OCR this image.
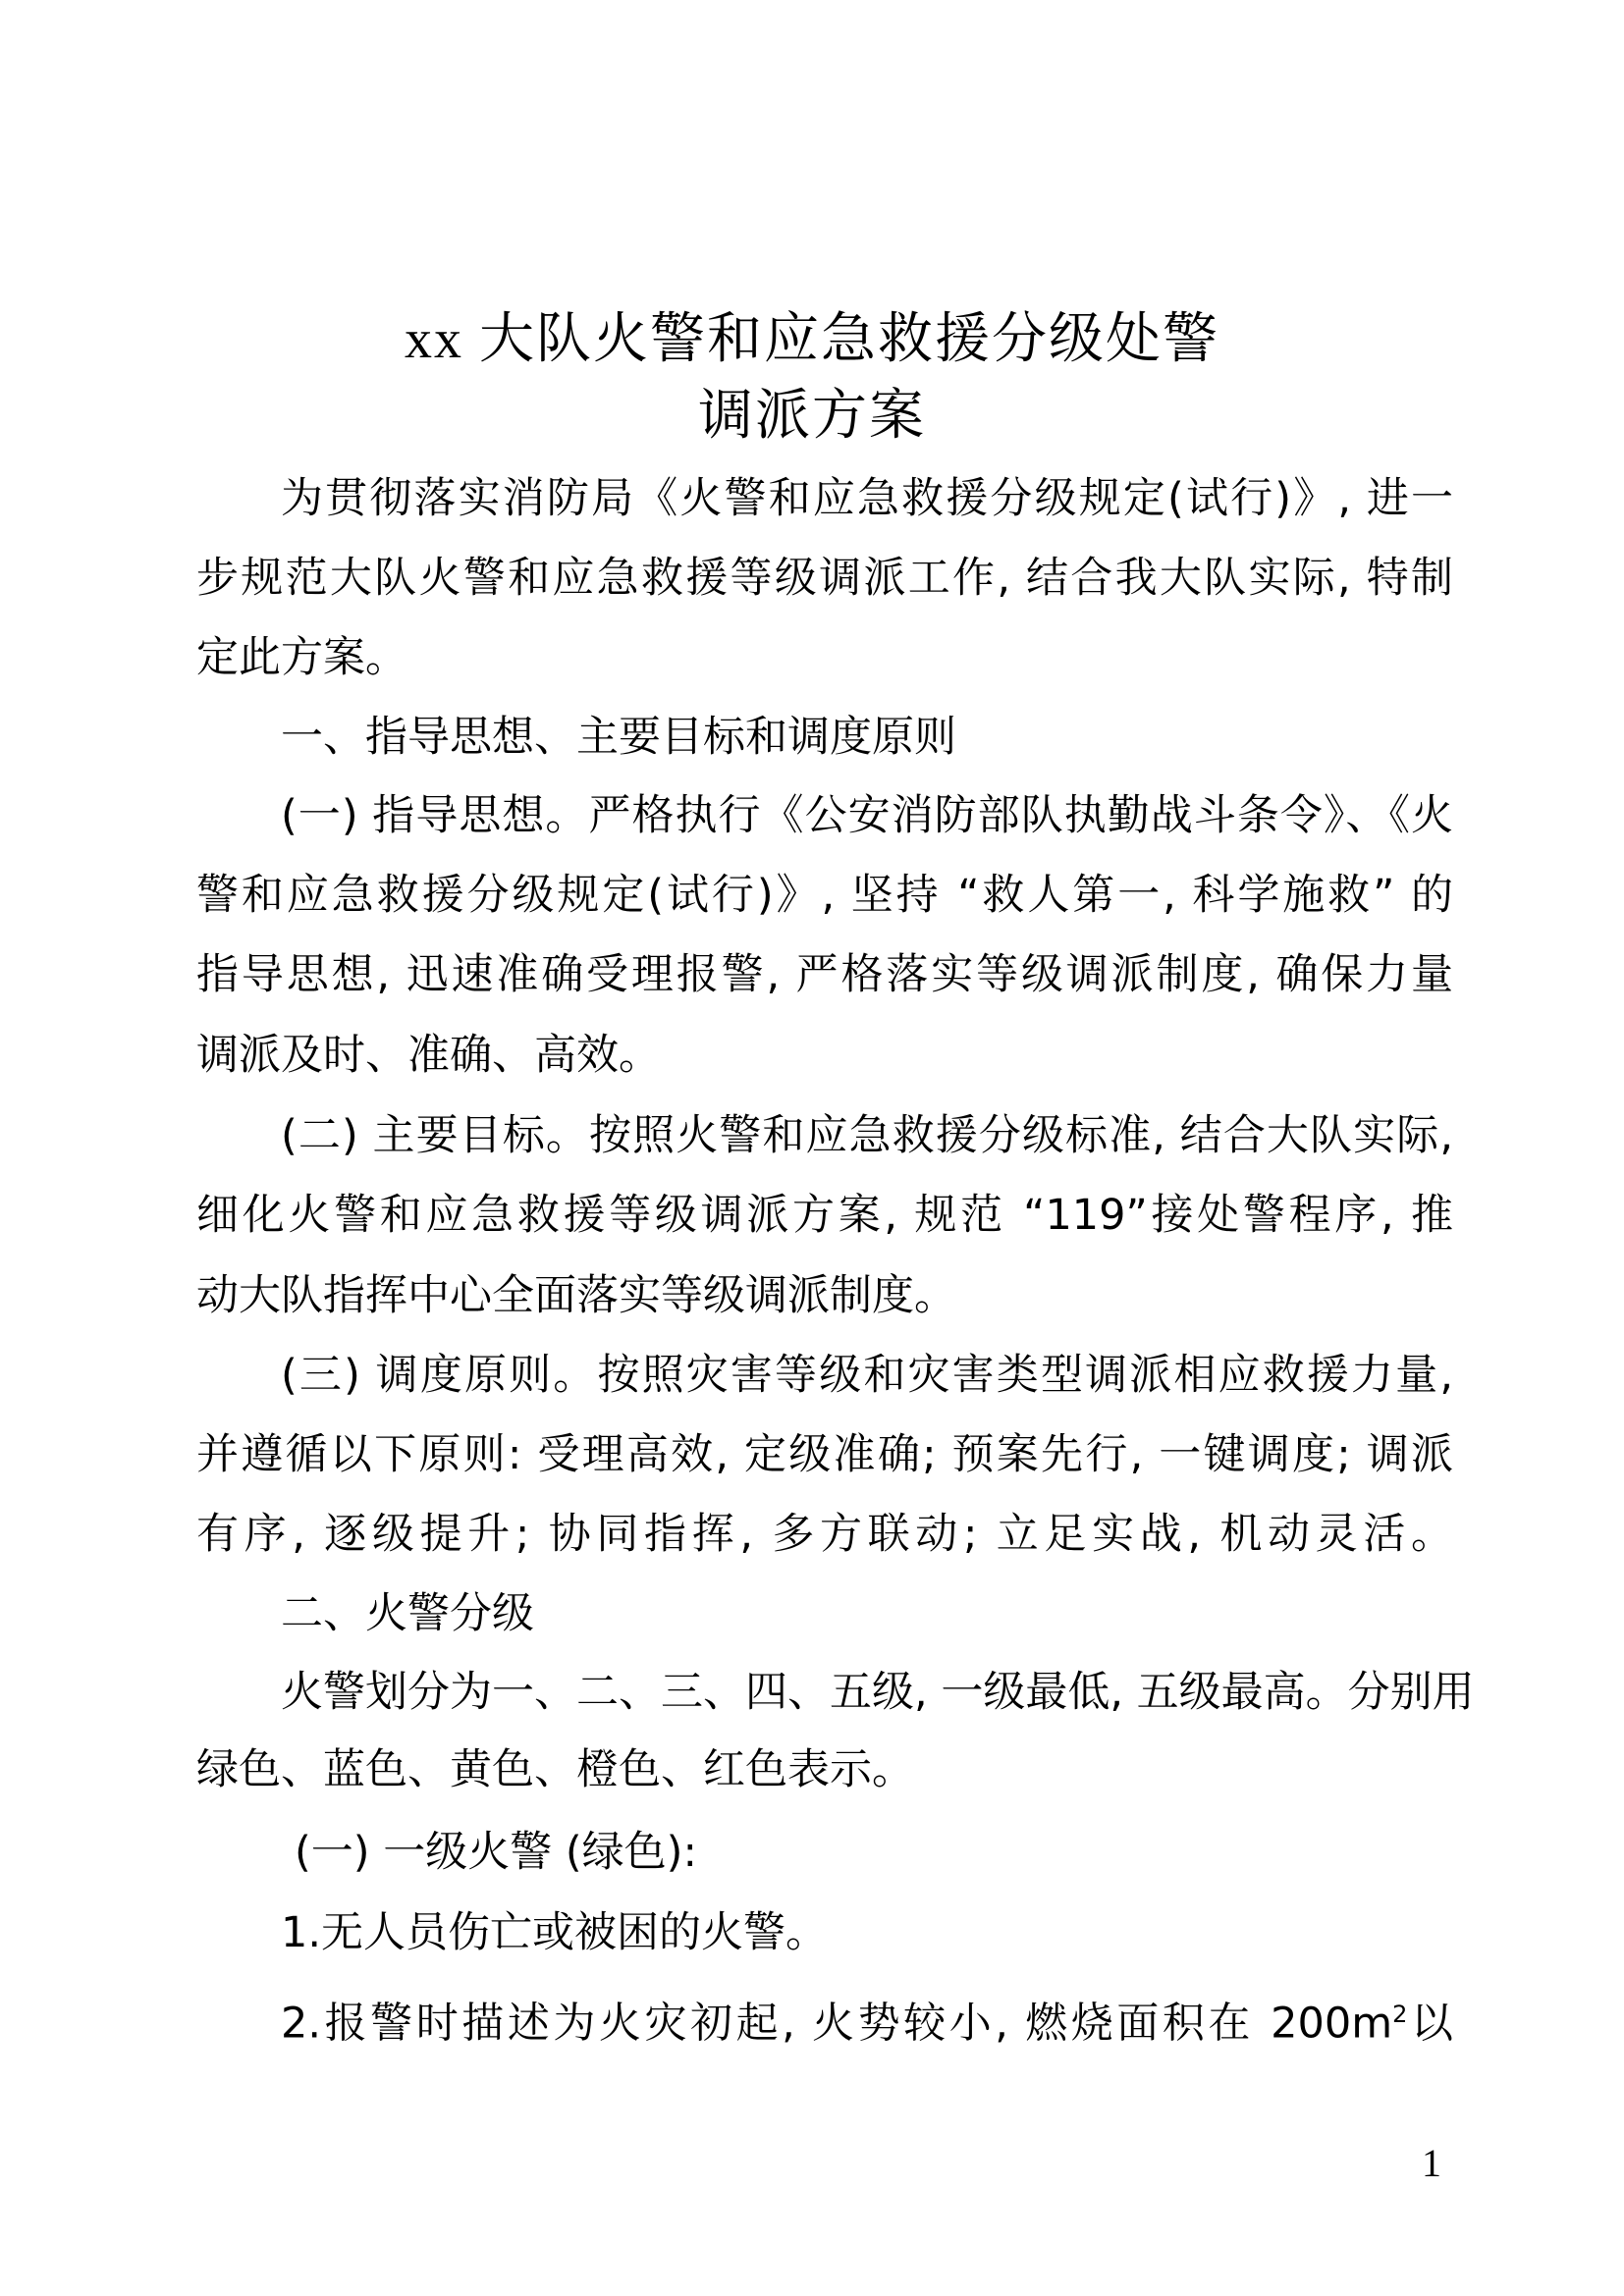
xx 大队火警和应急救援分级处警
调派方案
为贯彻落实消防局《火警和应急救援分级规定(试行)》, 进一
步规范大队火警和应急救援等级调派工作, 结合我大队实际, 特制
定此方案。
一、指导思想、主要目标和调度原则
(一) 指导思想。严格执行《公安消防部队执勤战斗条令》、《火
警和应急救援分级规定(试行)》, 坚持 “救人第一, 科学施救” 的
指导思想, 迅速准确受理报警, 严格落实等级调派制度, 确保力量
调派及时、准确、高效。
(二) 主要目标。按照火警和应急救援分级标准, 结合大队实际,
细化火警和应急救援等级调派方案, 规范 “119”接处警程序, 推
动大队指挥中心全面落实等级调派制度。
(三) 调度原则。按照灾害等级和灾害类型调派相应救援力量,
并遵循以下原则: 受理高效, 定级准确; 预案先行, 一键调度; 调派
有序, 逐级提升; 协同指挥, 多方联动; 立足实战, 机动灵活。
二、火警分级
火警划分为一、二、三、四、五级, 一级最低, 五级最高。分别用
绿色、蓝色、黄色、橙色、红色表示。
(一) 一级火警 (绿色):
1.无人员伤亡或被困的火警。
2.报警时描述为火灾初起, 火势较小, 燃烧面积在 $200m^2$以
1
